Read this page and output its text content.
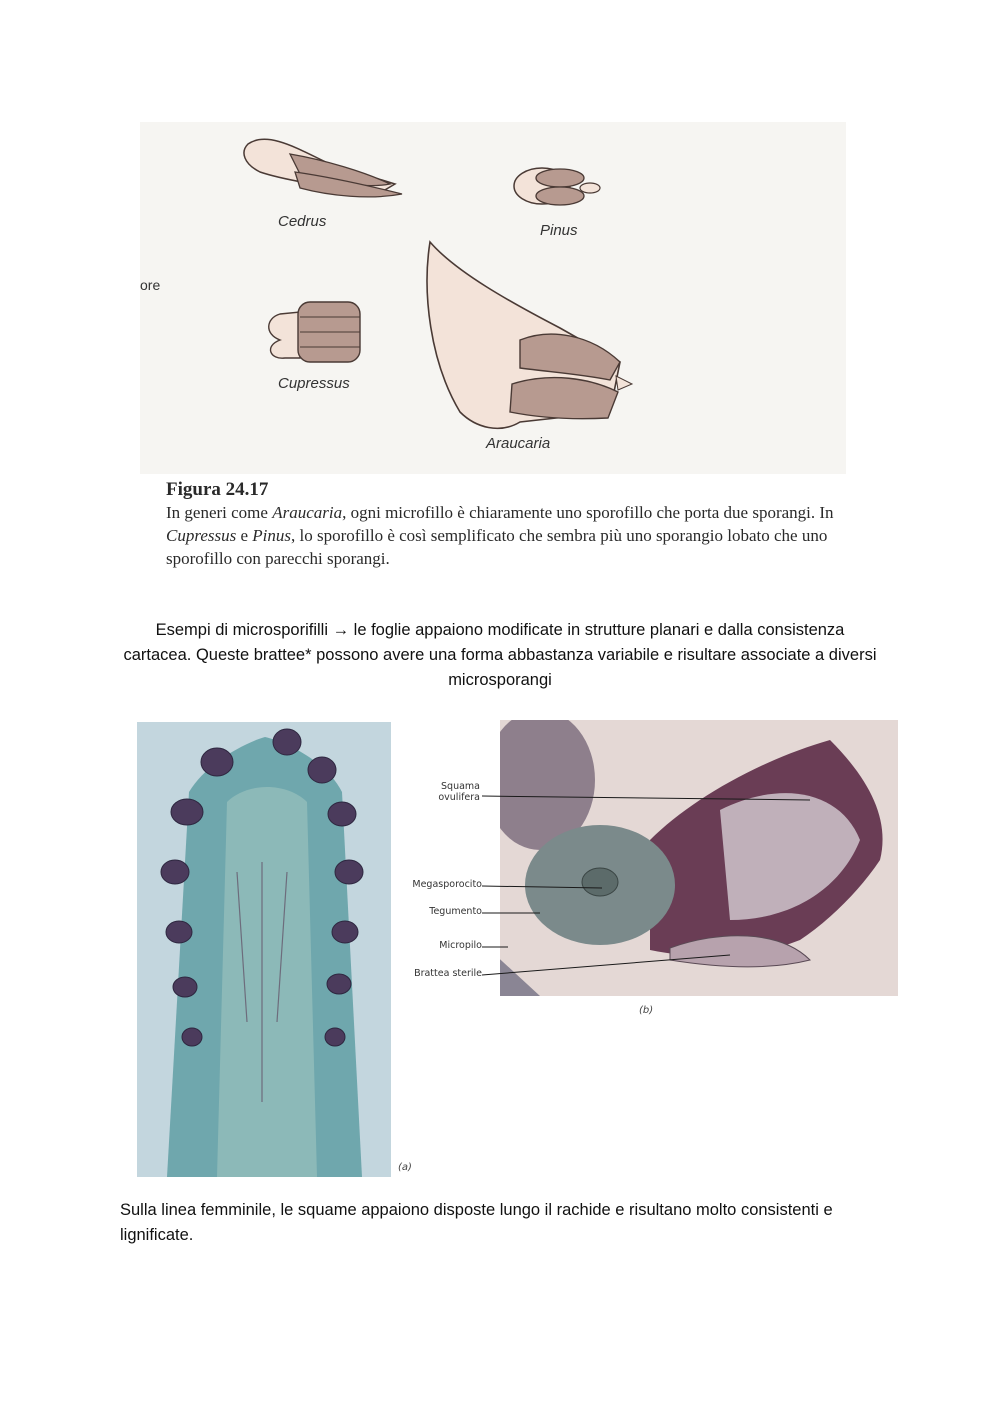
Cedrus
Pinus
Cupressus
Araucaria
ore
Figura 24.17
In generi come Araucaria, ogni microfillo è chiaramente uno sporofillo che porta due sporangi. In Cupressus e Pinus, lo sporofillo è così semplificato che sembra più uno sporangio lobato che uno sporofillo con parecchi sporangi.
Esempi di microsporifilli → le foglie appaiono modificate in strutture planari e dalla consistenza cartacea. Queste brattee* possono avere una forma abbastanza variabile e risultare associate a diversi microsporangi
(a)
Squama
ovulifera
Megasporocito
Tegumento
Micropilo
Brattea sterile
(b)
Sulla linea femminile, le squame appaiono disposte lungo il rachide e risultano molto consistenti e lignificate.
